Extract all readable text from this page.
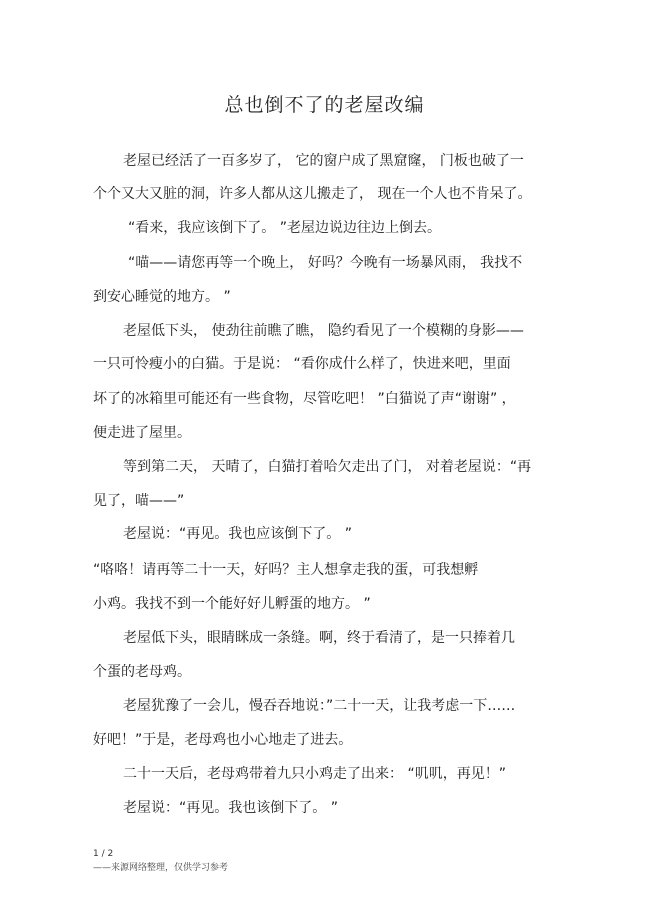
总也倒不了的老屋改编
老屋已经活了一百多岁了， 它的窗户成了黑窟窿， 门板也破了一
个个又大又脏的洞，许多人都从这儿搬走了， 现在一个人也不肯呆了。
“看来，我应该倒下了。 ”老屋边说边往边上倒去。
“喵——请您再等一个晚上， 好吗？今晚有一场暴风雨， 我找不
到安心睡觉的地方。 ”
老屋低下头， 使劲往前瞧了瞧， 隐约看见了一个模糊的身影——
一只可怜瘦小的白猫。于是说： “看你成什么样了，快进来吧，里面
坏了的冰箱里可能还有一些食物，尽管吃吧！ ”白猫说了声“谢谢” ，
便走进了屋里。
等到第二天， 天晴了，白猫打着哈欠走出了门， 对着老屋说：“再
见了，喵——”
老屋说：“再见。我也应该倒下了。 ”
“咯咯！请再等二十一天，好吗？主人想拿走我的蛋，可我想孵
小鸡。我找不到一个能好好儿孵蛋的地方。 ”
老屋低下头，眼睛眯成一条缝。啊，终于看清了，是一只捧着几
个蛋的老母鸡。
老屋犹豫了一会儿，慢吞吞地说：”二十一天，让我考虑一下……
好吧！”于是，老母鸡也小心地走了进去。
二十一天后，老母鸡带着九只小鸡走了出来： “叽叽，再见！”
老屋说：“再见。我也该倒下了。 ”
1 / 2
——来源网络整理，仅供学习参考
